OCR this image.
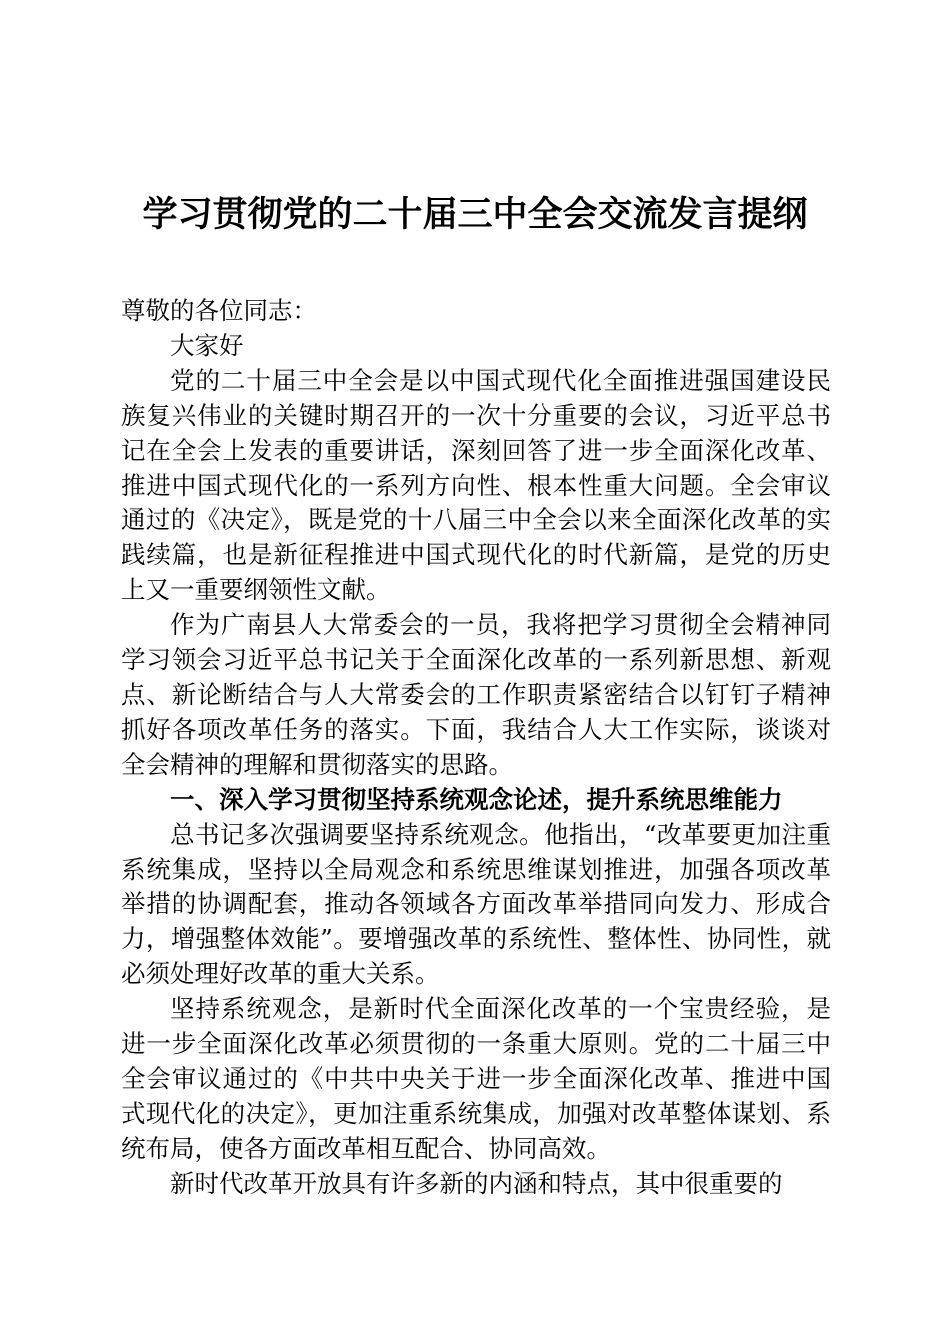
学习贯彻党的二十届三中全会交流发言提纲

尊敬的各位同志：

大家好

党的二十届三中全会是以中国式现代化全面推进强国建设民族复兴伟业的关键时期召开的一次十分重要的会议，习近平总书记在全会上发表的重要讲话，深刻回答了进一步全面深化改革、推进中国式现代化的一系列方向性、根本性重大问题。全会审议通过的《决定》，既是党的十八届三中全会以来全面深化改革的实践续篇，也是新征程推进中国式现代化的时代新篇，是党的历史上又一重要纲领性文献。

作为广南县人大常委会的一员，我将把学习贯彻全会精神同学习领会习近平总书记关于全面深化改革的一系列新思想、新观点、新论断结合与人大常委会的工作职责紧密结合以钉钉子精神抓好各项改革任务的落实。下面，我结合人大工作实际，谈谈对全会精神的理解和贯彻落实的思路。

一、深入学习贯彻坚持系统观念论述，提升系统思维能力

总书记多次强调要坚持系统观念。他指出，“改革要更加注重系统集成，坚持以全局观念和系统思维谋划推进，加强各项改革举措的协调配套，推动各领域各方面改革举措同向发力、形成合力，增强整体效能”。要增强改革的系统性、整体性、协同性，就必须处理好改革的重大关系。

坚持系统观念，是新时代全面深化改革的一个宝贵经验，是进一步全面深化改革必须贯彻的一条重大原则。党的二十届三中全会审议通过的《中共中央关于进一步全面深化改革、推进中国式现代化的决定》，更加注重系统集成，加强对改革整体谋划、系统布局，使各方面改革相互配合、协同高效。

新时代改革开放具有许多新的内涵和特点，其中很重要的
